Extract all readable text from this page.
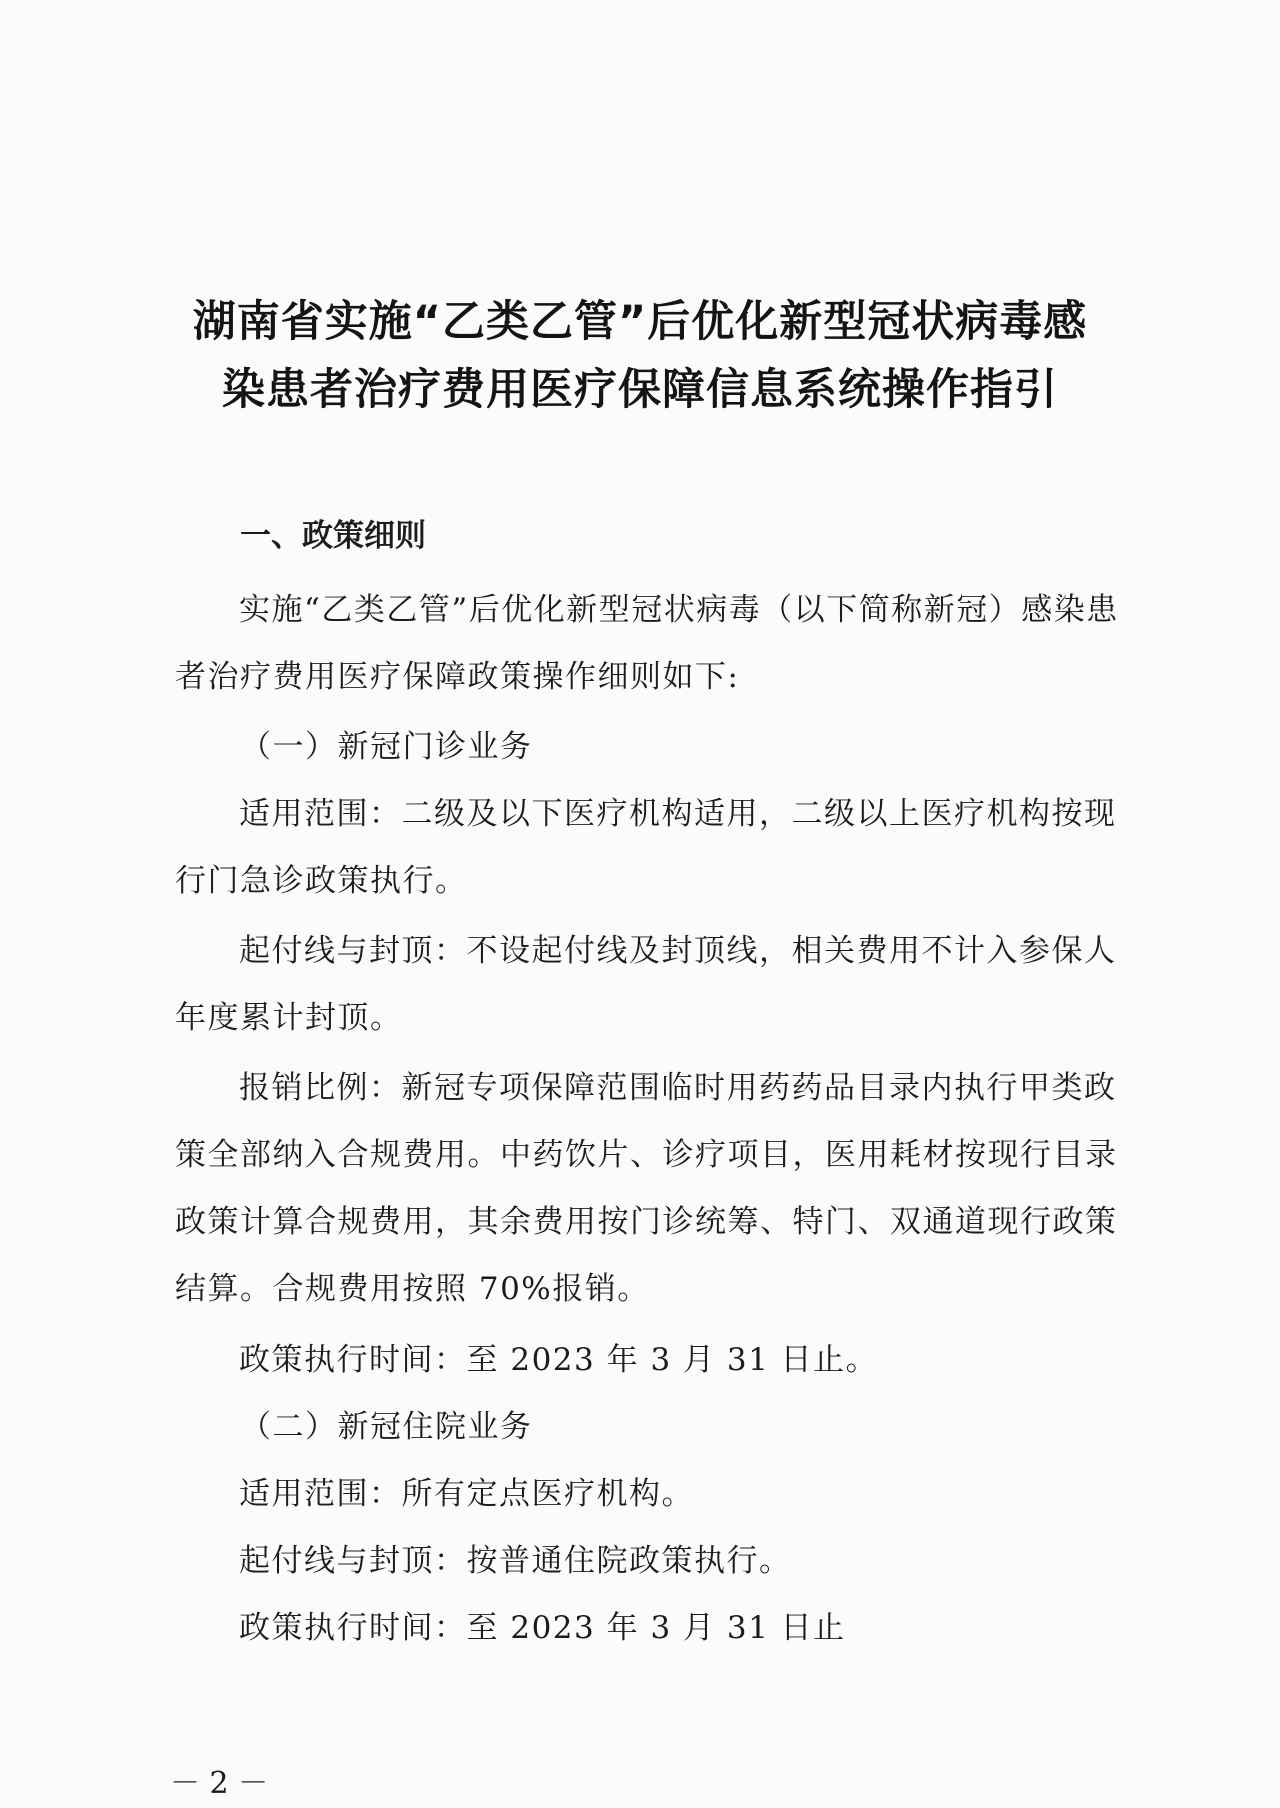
湖南省实施“乙类乙管”后优化新型冠状病毒感
染患者治疗费用医疗保障信息系统操作指引
一、政策细则

实施“乙类乙管”后优化新型冠状病毒（以下简称新冠）感染患者治疗费用医疗保障政策操作细则如下:

（一）新冠门诊业务

适用范围：二级及以下医疗机构适用，二级以上医疗机构按现行门急诊政策执行。

起付线与封顶：不设起付线及封顶线，相关费用不计入参保人年度累计封顶。

报销比例：新冠专项保障范围临时用药药品目录内执行甲类政策全部纳入合规费用。中药饮片、诊疗项目，医用耗材按现行目录政策计算合规费用，其余费用按门诊统筹、特门、双通道现行政策结算。合规费用按照 70%报销。

政策执行时间：至 2023 年 3 月 31 日止。

（二）新冠住院业务

适用范围：所有定点医疗机构。

起付线与封顶：按普通住院政策执行。

政策执行时间：至 2023 年 3 月 31 日止

－ 2 －
